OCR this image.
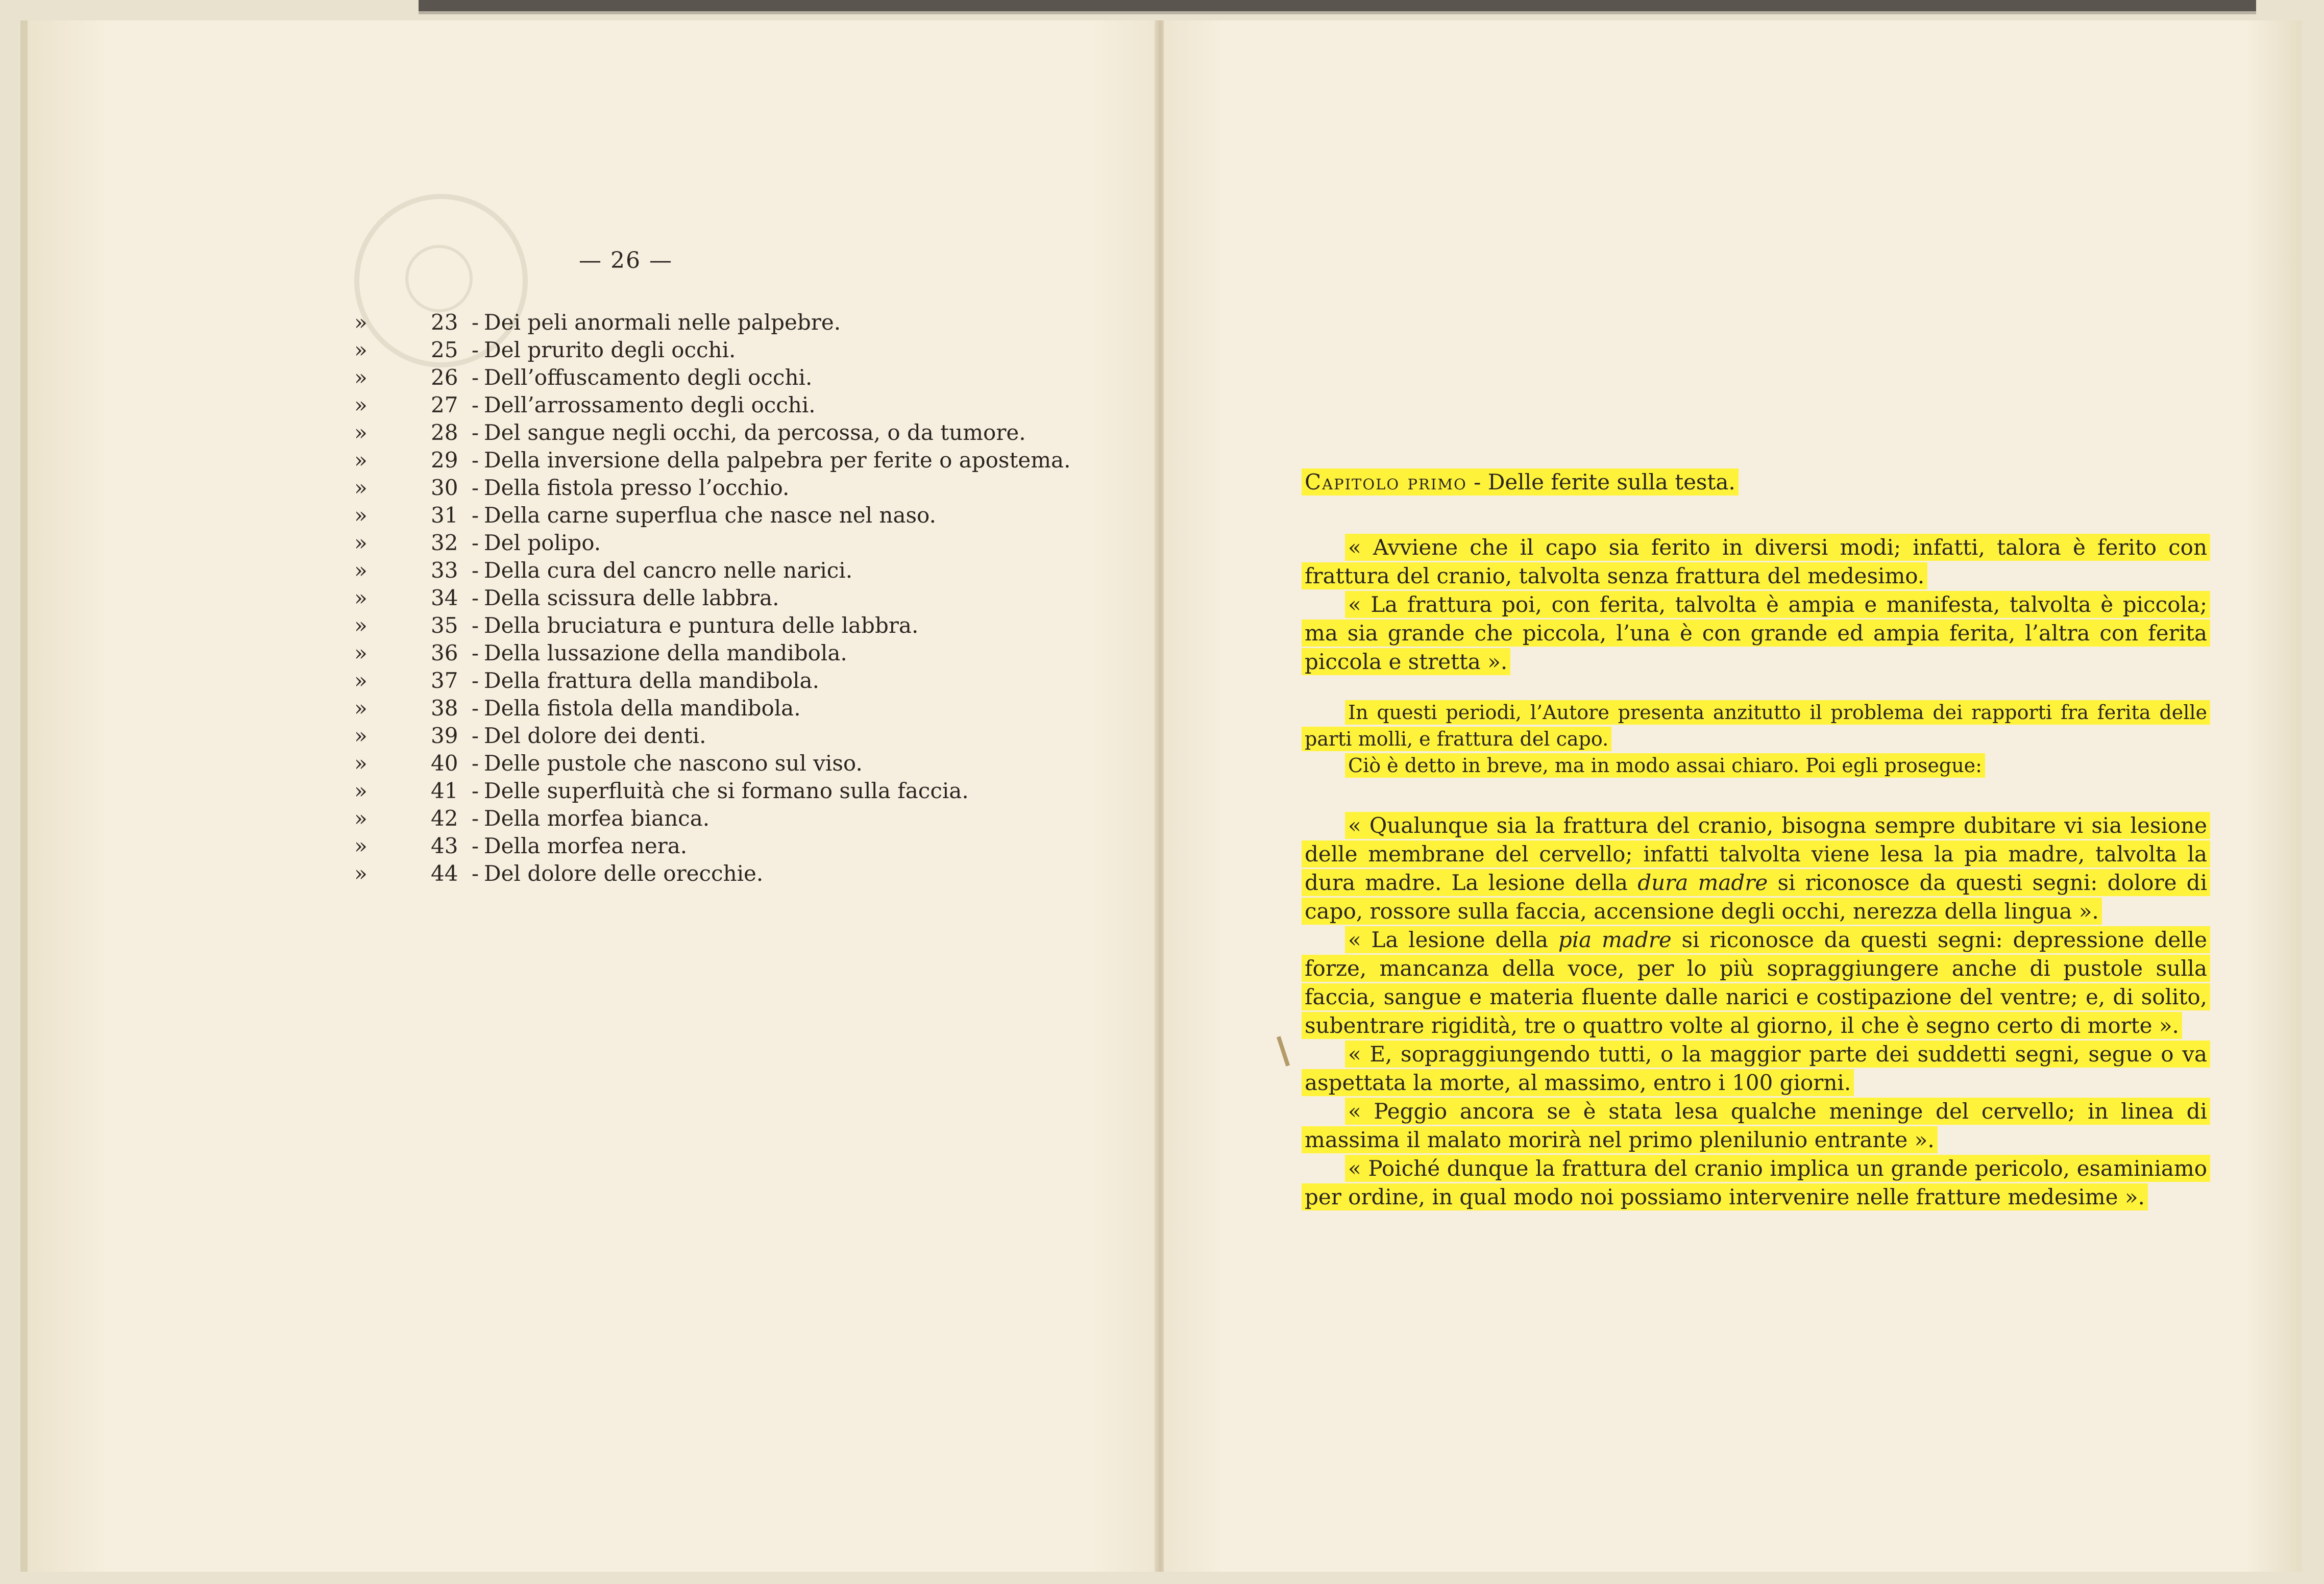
— 26 —
»	23 - Dei peli anormali nelle palpebre.
»	25 - Del prurito degli occhi.
»	26 - Dell’offuscamento degli occhi.
»	27 - Dell’arrossamento degli occhi.
»	28 - Del sangue negli occhi, da percossa, o da tumore.
»	29 - Della inversione della palpebra per ferite o apostema.
»	30 - Della fistola presso l’occhio.
»	31 - Della carne superflua che nasce nel naso.
»	32 - Del polipo.
»	33 - Della cura del cancro nelle narici.
»	34 - Della scissura delle labbra.
»	35 - Della bruciatura e puntura delle labbra.
»	36 - Della lussazione della mandibola.
»	37 - Della frattura della mandibola.
»	38 - Della fistola della mandibola.
»	39 - Del dolore dei denti.
»	40 - Delle pustole che nascono sul viso.
»	41 - Delle superfluità che si formano sulla faccia.
»	42 - Della morfea bianca.
»	43 - Della morfea nera.
»	44 - Del dolore delle orecchie.
Capitolo primo - Delle ferite sulla testa.

« Avviene che il capo sia ferito in diversi modi; infatti, talora è ferito con frattura del cranio, talvolta senza frattura del medesimo.

« La frattura poi, con ferita, talvolta è ampia e manifesta, talvolta è piccola; ma sia grande che piccola, l’una è con grande ed ampia ferita, l’altra con ferita piccola e stretta ».

In questi periodi, l’Autore presenta anzitutto il problema dei rapporti fra ferita delle parti molli, e frattura del capo.

Ciò è detto in breve, ma in modo assai chiaro. Poi egli prosegue:

« Qualunque sia la frattura del cranio, bisogna sempre dubitare vi sia lesione delle membrane del cervello; infatti talvolta viene lesa la pia madre, talvolta la dura madre. La lesione della dura madre si riconosce da questi segni: dolore di capo, rossore sulla faccia, accensione degli occhi, nerezza della lingua ».

« La lesione della pia madre si riconosce da questi segni: depressione delle forze, mancanza della voce, per lo più sopraggiungere anche di pustole sulla faccia, sangue e materia fluente dalle narici e costipazione del ventre; e, di solito, subentrare rigidità, tre o quattro volte al giorno, il che è segno certo di morte ».

« E, sopraggiungendo tutti, o la maggior parte dei suddetti segni, segue o va aspettata la morte, al massimo, entro i 100 giorni.

« Peggio ancora se è stata lesa qualche meninge del cervello; in linea di massima il malato morirà nel primo plenilunio entrante ».

« Poiché dunque la frattura del cranio implica un grande pericolo, esaminiamo per ordine, in qual modo noi possiamo intervenire nelle fratture medesime ».
